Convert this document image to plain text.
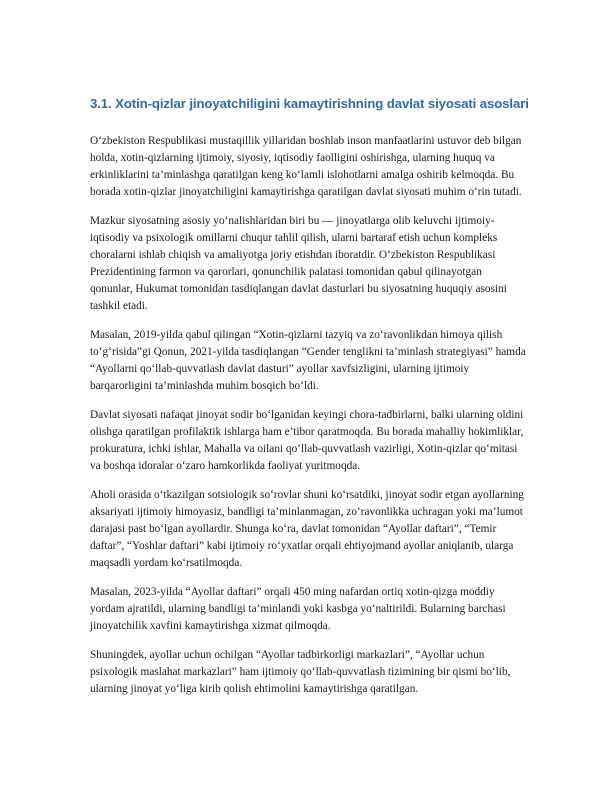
3.1. Xotin-qizlar jinoyatchiligini kamaytirishning davlat siyosati asoslari

O‘zbekiston Respublikasi mustaqillik yillaridan boshlab inson manfaatlarini ustuvor deb bilgan holda, xotin-qizlarning ijtimoiy, siyosiy, iqtisodiy faolligini oshirishga, ularning huquq va erkinliklarini ta’minlashga qaratilgan keng ko‘lamli islohotlarni amalga oshirib kelmoqda. Bu borada xotin-qizlar jinoyatchiligini kamaytirishga qaratilgan davlat siyosati muhim o‘rin tutadi.

Mazkur siyosatning asosiy yo‘nalishlaridan biri bu — jinoyatlarga olib keluvchi ijtimoiy-iqtisodiy va psixologik omillarni chuqur tahlil qilish, ularni bartaraf etish uchun kompleks choralarni ishlab chiqish va amaliyotga joriy etishdan iboratdir. O‘zbekiston Respublikasi Prezidentining farmon va qarorlari, qonunchilik palatasi tomonidan qabul qilinayotgan qonunlar, Hukumat tomonidan tasdiqlangan davlat dasturlari bu siyosatning huquqiy asosini tashkil etadi.

Masalan, 2019-yilda qabul qilingan “Xotin-qizlarni tazyiq va zo‘ravonlikdan himoya qilish to‘g‘risida”gi Qonun, 2021-yilda tasdiqlangan “Gender tenglikni ta’minlash strategiyasi” hamda “Ayollarni qo‘llab-quvvatlash davlat dasturi” ayollar xavfsizligini, ularning ijtimoiy barqarorligini ta’minlashda muhim bosqich bo‘ldi.

Davlat siyosati nafaqat jinoyat sodir bo‘lganidan keyingi chora-tadbirlarni, balki ularning oldini olishga qaratilgan profilaktik ishlarga ham e’tibor qaratmoqda. Bu borada mahalliy hokimliklar, prokuratura, ichki ishlar, Mahalla va oilani qo‘llab-quvvatlash vazirligi, Xotin-qizlar qo‘mitasi va boshqa idoralar o‘zaro hamkorlikda faoliyat yuritmoqda.

Aholi orasida o‘tkazilgan sotsiologik so‘rovlar shuni ko‘rsatdiki, jinoyat sodir etgan ayollarning aksariyati ijtimoiy himoyasiz, bandligi ta’minlanmagan, zo‘ravonlikka uchragan yoki ma’lumot darajasi past bo‘lgan ayollardir. Shunga ko‘ra, davlat tomonidan “Ayollar daftari”, “Temir daftar”, “Yoshlar daftari” kabi ijtimoiy ro‘yxatlar orqali ehtiyojmand ayollar aniqlanib, ularga maqsadli yordam ko‘rsatilmoqda.

Masalan, 2023-yilda “Ayollar daftari” orqali 450 ming nafardan ortiq xotin-qizga moddiy yordam ajratildi, ularning bandligi ta’minlandi yoki kasbga yo‘naltirildi. Bularning barchasi jinoyatchilik xavfini kamaytirishga xizmat qilmoqda.

Shuningdek, ayollar uchun ochilgan “Ayollar tadbirkorligi markazlari”, “Ayollar uchun psixologik maslahat markazlari” ham ijtimoiy qo‘llab-quvvatlash tizimining bir qismi bo‘lib, ularning jinoyat yo‘liga kirib qolish ehtimolini kamaytirishga qaratilgan.
